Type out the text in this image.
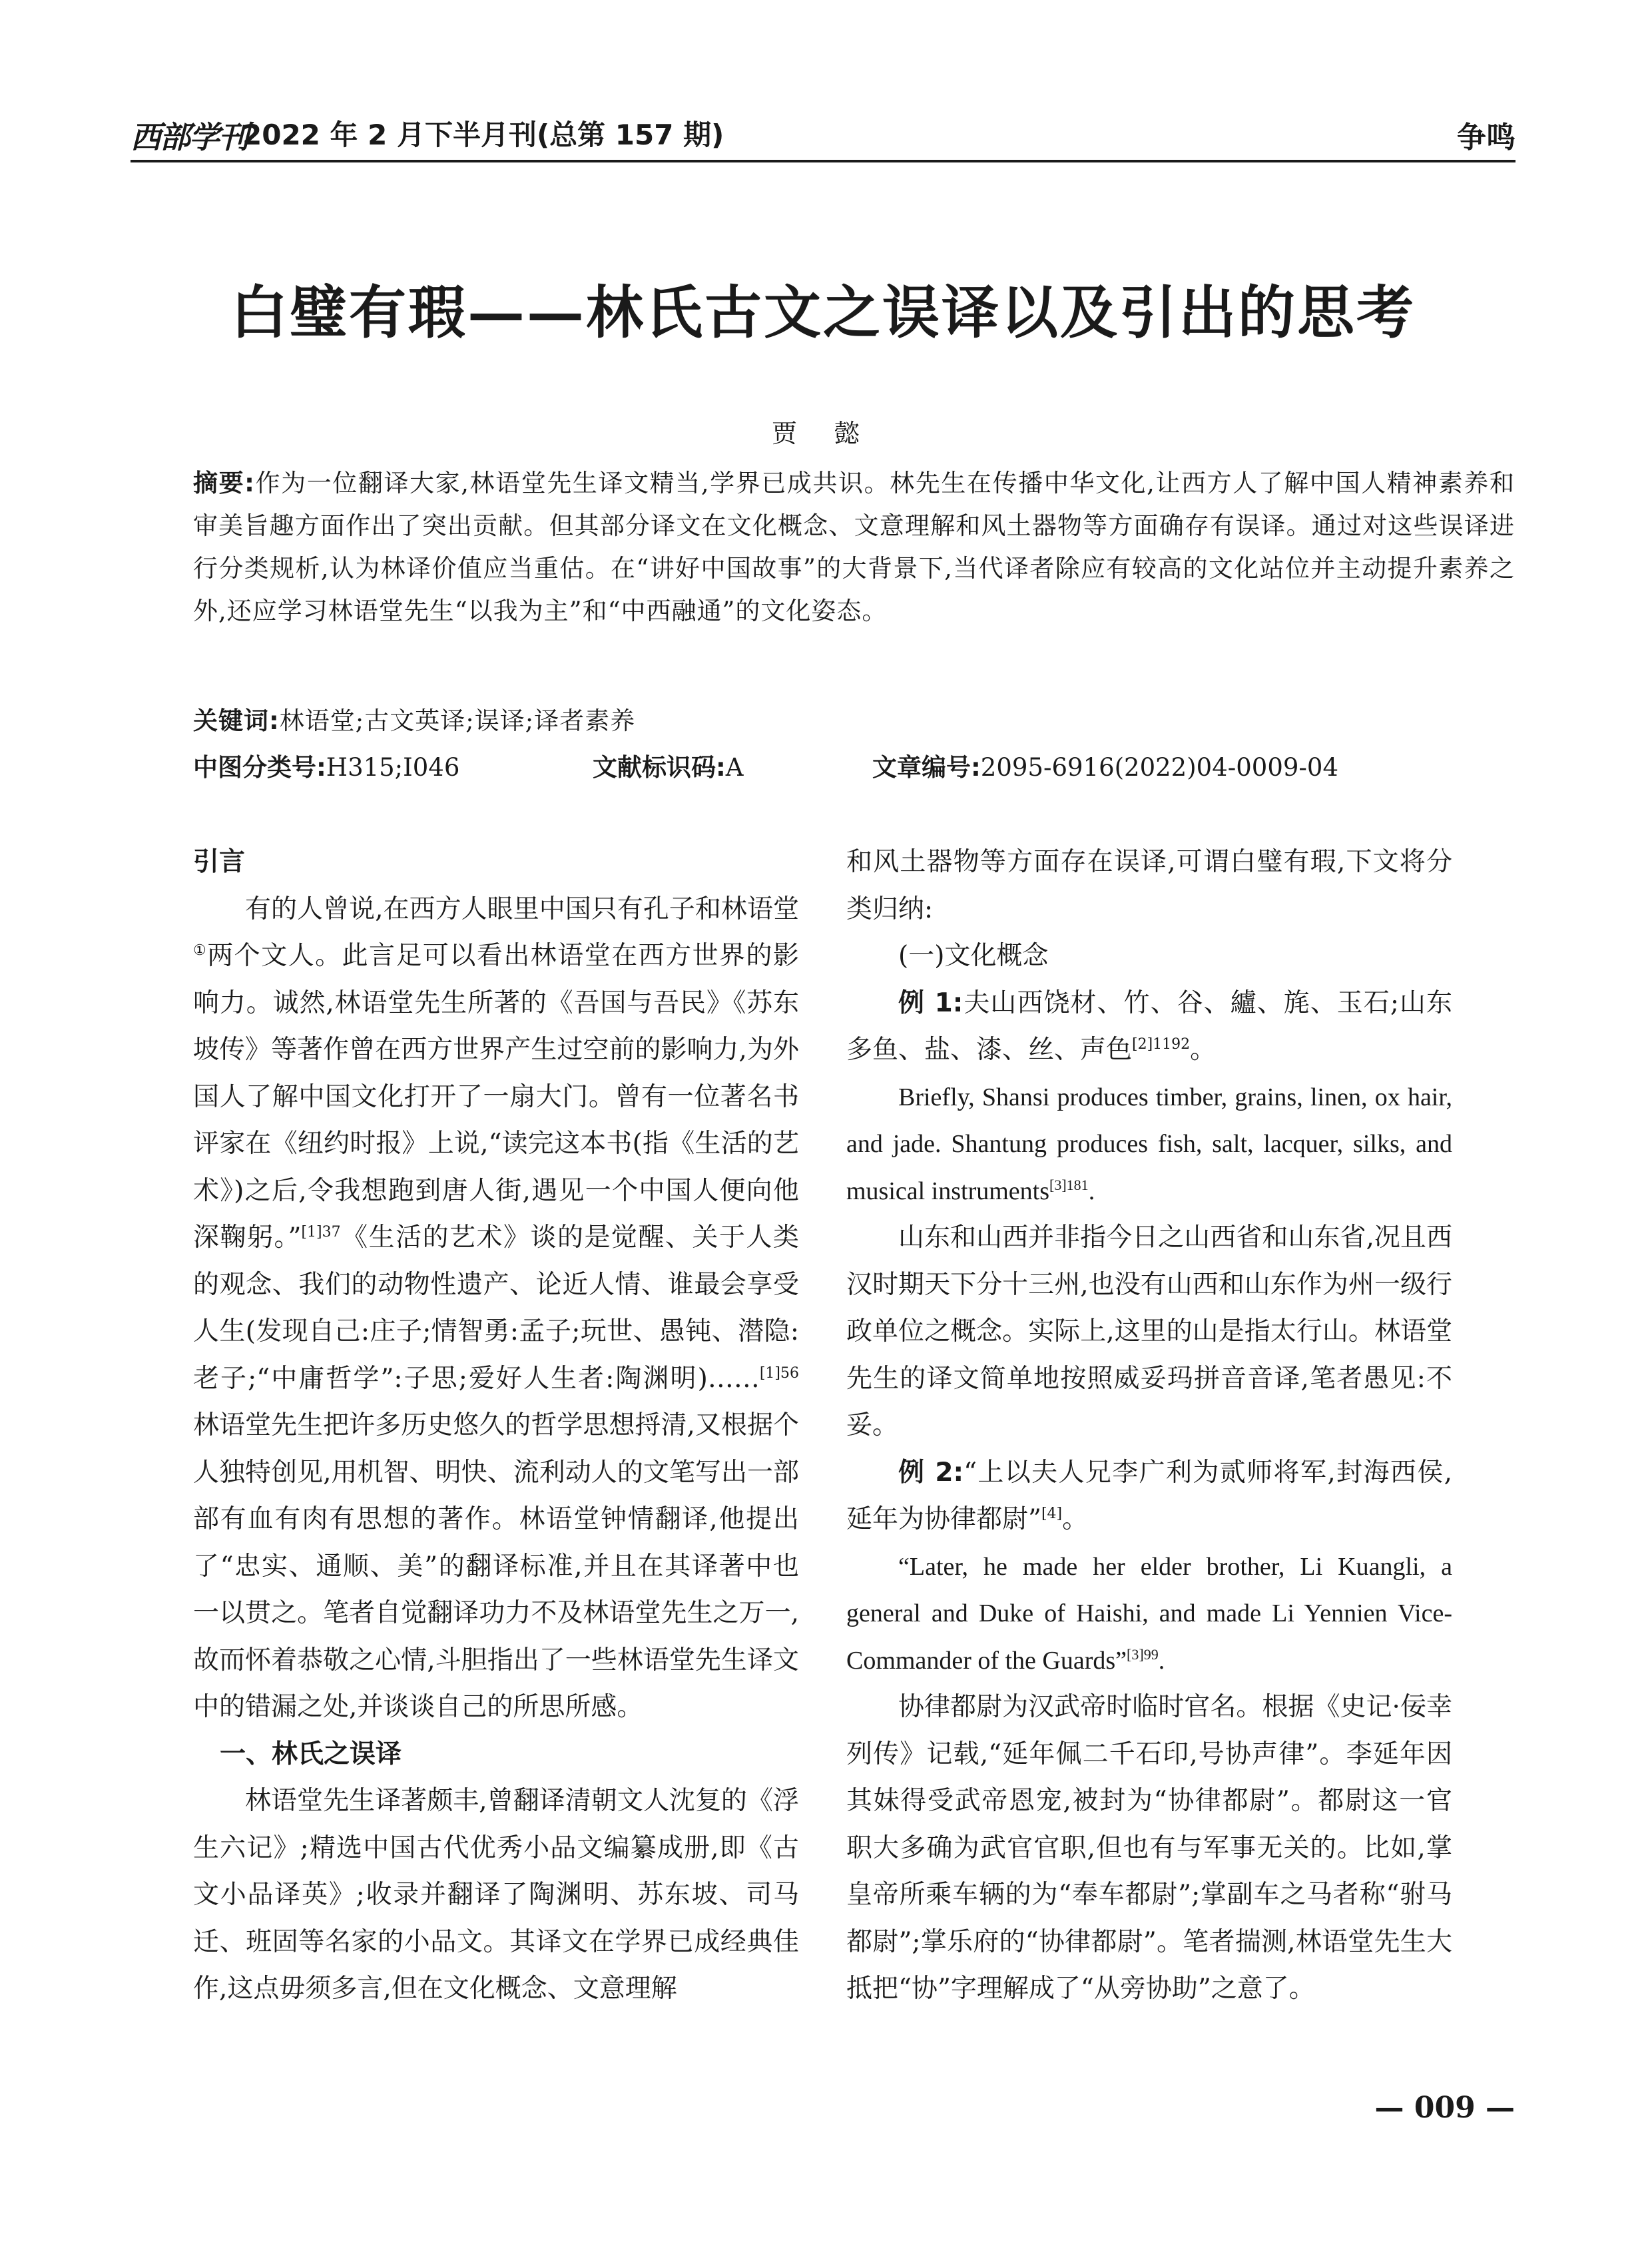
西部学刊
2022 年 2 月下半月刊(总第 157 期)	争鸣
白璧有瑕——林氏古文之误译以及引出的思考
贾 懿
摘要:作为一位翻译大家,林语堂先生译文精当,学界已成共识。林先生在传播中华文化,让西方人了解中国人精神素养和审美旨趣方面作出了突出贡献。但其部分译文在文化概念、文意理解和风土器物等方面确存有误译。通过对这些误译进行分类规析,认为林译价值应当重估。在“讲好中国故事”的大背景下,当代译者除应有较高的文化站位并主动提升素养之外,还应学习林语堂先生“以我为主”和“中西融通”的文化姿态。
关键词:林语堂;古文英译;误译;译者素养
中图分类号:H315;I046	文献标识码:A	文章编号:2095-6916(2022)04-0009-04
引言

有的人曾说,在西方人眼里中国只有孔子和林语堂①两个文人。此言足可以看出林语堂在西方世界的影响力。诚然,林语堂先生所著的《吾国与吾民》《苏东坡传》等著作曾在西方世界产生过空前的影响力,为外国人了解中国文化打开了一扇大门。曾有一位著名书评家在《纽约时报》上说,“读完这本书(指《生活的艺术》)之后,令我想跑到唐人街,遇见一个中国人便向他深鞠躬。”$^{[1]37}$《生活的艺术》谈的是觉醒、关于人类的观念、我们的动物性遗产、论近人情、谁最会享受人生(发现自己:庄子;情智勇:孟子;玩世、愚钝、潜隐:老子;“中庸哲学”:子思;爱好人生者:陶渊明)……$^{[1]56}$ 林语堂先生把许多历史悠久的哲学思想捋清,又根据个人独特创见,用机智、明快、流利动人的文笔写出一部部有血有肉有思想的著作。林语堂钟情翻译,他提出了“忠实、通顺、美”的翻译标准,并且在其译著中也一以贯之。笔者自觉翻译功力不及林语堂先生之万一,故而怀着恭敬之心情,斗胆指出了一些林语堂先生译文中的错漏之处,并谈谈自己的所思所感。

一、林氏之误译

林语堂先生译著颇丰,曾翻译清朝文人沈复的《浮生六记》;精选中国古代优秀小品文编纂成册,即《古文小品译英》;收录并翻译了陶渊明、苏东坡、司马迁、班固等名家的小品文。其译文在学界已成经典佳作,这点毋须多言,但在文化概念、文意理解

和风土器物等方面存在误译,可谓白璧有瑕,下文将分类归纳:

(一)文化概念

例 1:夫山西饶材、竹、谷、纑、旄、玉石;山东多鱼、盐、漆、丝、声色$^{[2]1192}$。

Briefly, Shansi produces timber, grains, linen, ox hair, and jade. Shantung produces fish, salt, lacquer, silks, and musical instruments$^{[3]181}$.

山东和山西并非指今日之山西省和山东省,况且西汉时期天下分十三州,也没有山西和山东作为州一级行政单位之概念。实际上,这里的山是指太行山。林语堂先生的译文简单地按照威妥玛拼音音译,笔者愚见:不妥。

例 2:“上以夫人兄李广利为贰师将军,封海西侯,延年为协律都尉”[4]。

“Later, he made her elder brother, Li Kuangli, a general and Duke of Haishi, and made Li Yennien Vice-Commander of the Guards”$^{[3]99}$.

协律都尉为汉武帝时临时官名。根据《史记·佞幸列传》记载,“延年佩二千石印,号协声律”。李延年因其妹得受武帝恩宠,被封为“协律都尉”。都尉这一官职大多确为武官官职,但也有与军事无关的。比如,掌皇帝所乘车辆的为“奉车都尉”;掌副车之马者称“驸马都尉”;掌乐府的“协律都尉”。笔者揣测,林语堂先生大抵把“协”字理解成了“从旁协助”之意了。

— 009 —
